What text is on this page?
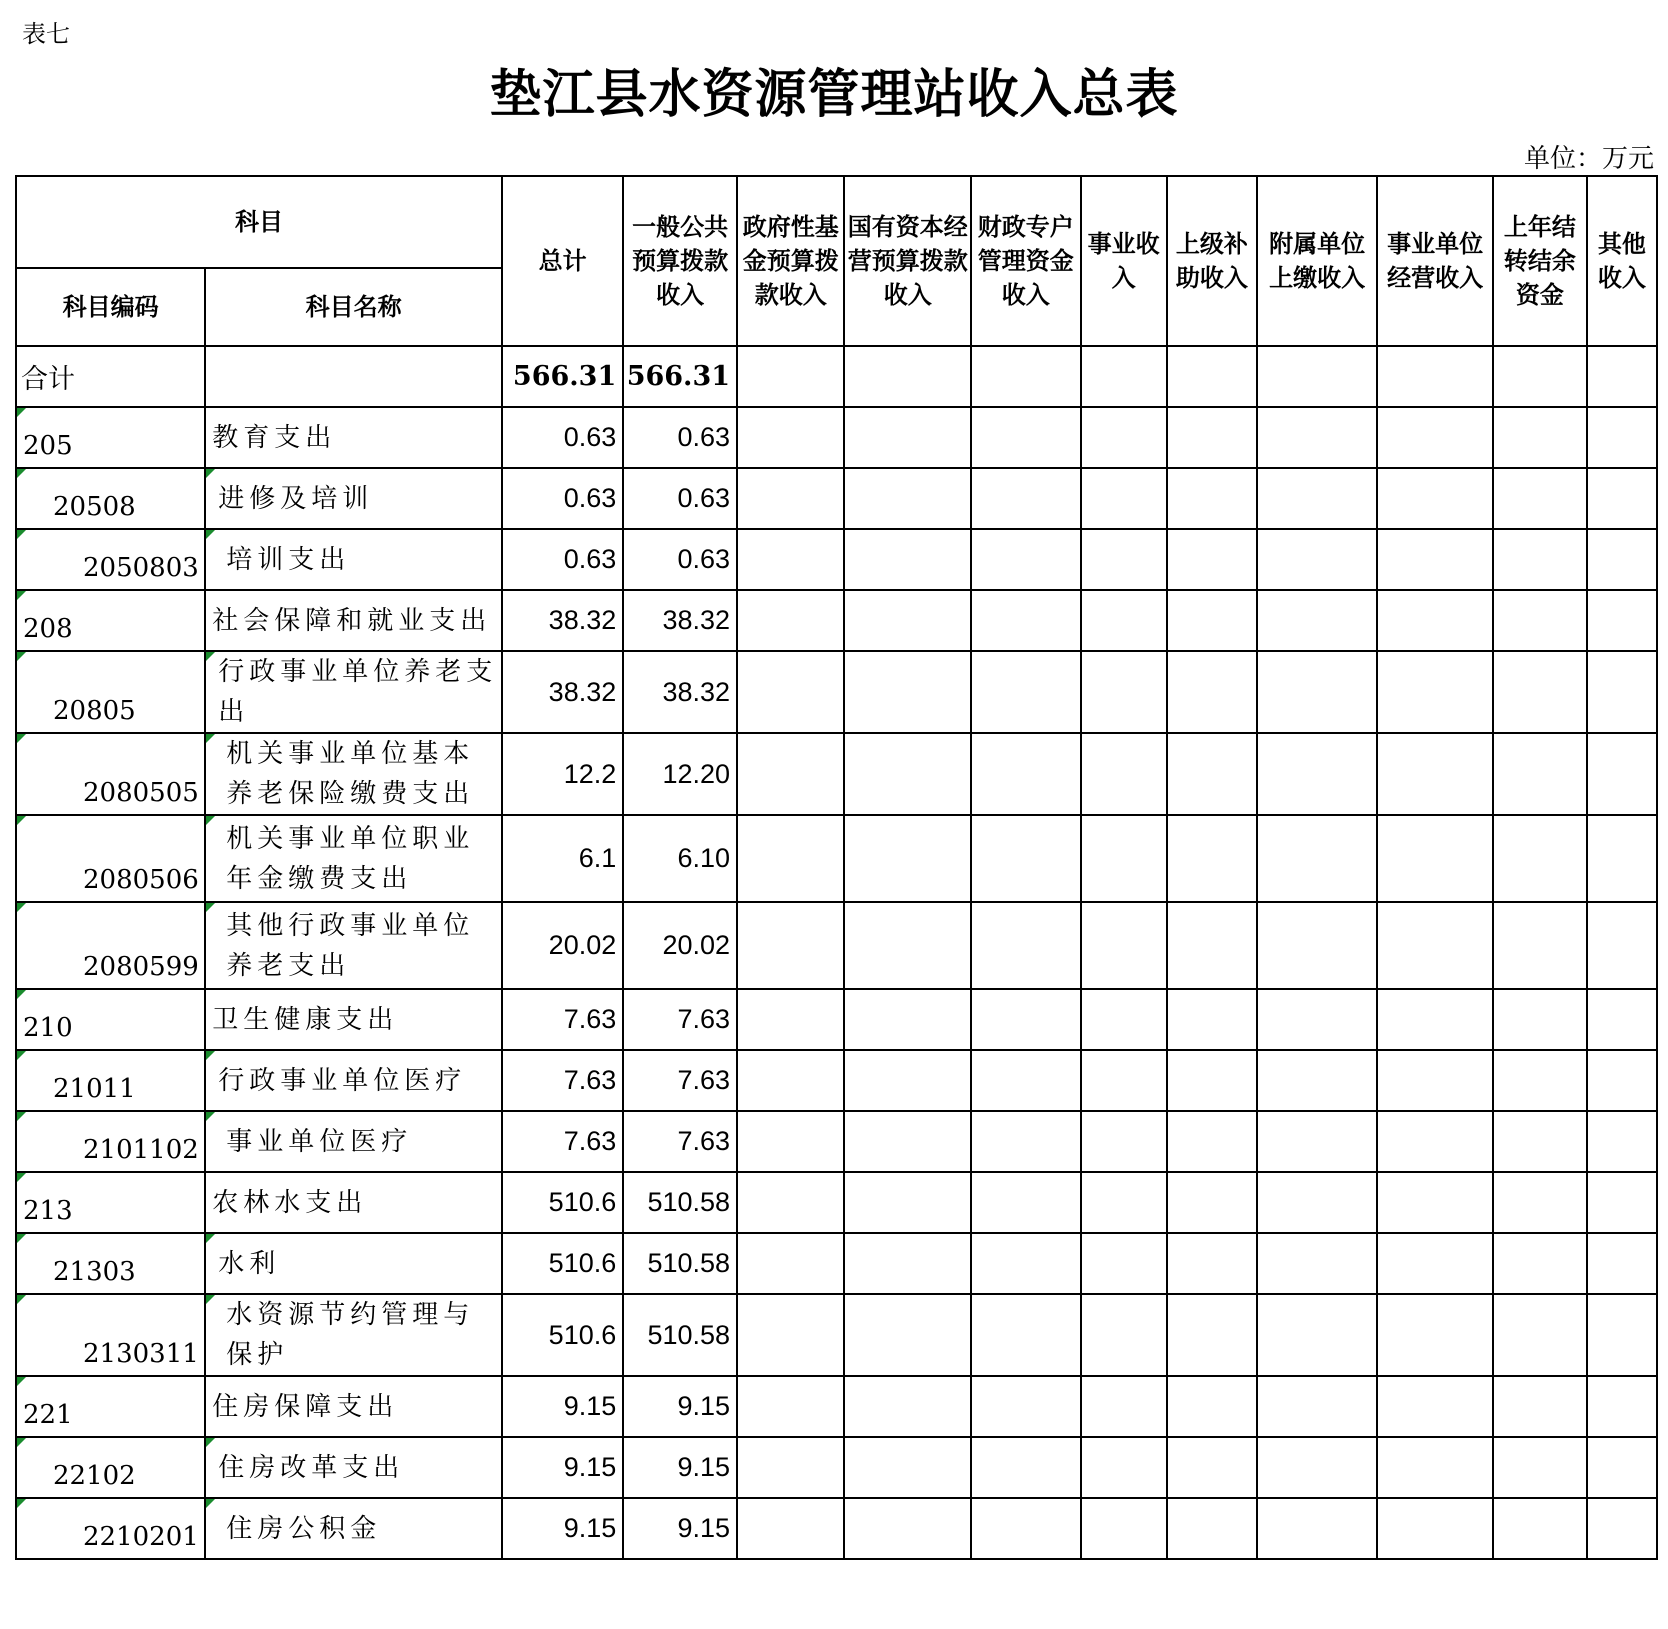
表七
垫江县水资源管理站收入总表
单位：万元
科目		总计	一般公共预算拨款收入	政府性基金预算拨款收入	国有资本经营预算拨款收入	财政专户管理资金收入	事业收入	上级补助收入	附属单位上缴收入	事业单位经营收入	上年结转结余资金	其他收入
科目编码	科目名称											
合计		566.31	566.31									

205	教育支出	0.63	0.63									

20508	进修及培训	0.63	0.63									

2050803	培训支出	0.63	0.63									

208	社会保障和就业支出	38.32	38.32									

20805	行政事业单位养老支出	38.32	38.32									

2080505	机关事业单位基本养老保险缴费支出	12.2	12.20									

2080506	机关事业单位职业年金缴费支出	6.1	6.10									

2080599	其他行政事业单位养老支出	20.02	20.02									

210	卫生健康支出	7.63	7.63									

21011	行政事业单位医疗	7.63	7.63									

2101102	事业单位医疗	7.63	7.63									

213	农林水支出	510.6	510.58									

21303	水利	510.6	510.58									

2130311	水资源节约管理与保护	510.6	510.58									

221	住房保障支出	9.15	9.15									

22102	住房改革支出	9.15	9.15									

2210201	住房公积金	9.15	9.15									
